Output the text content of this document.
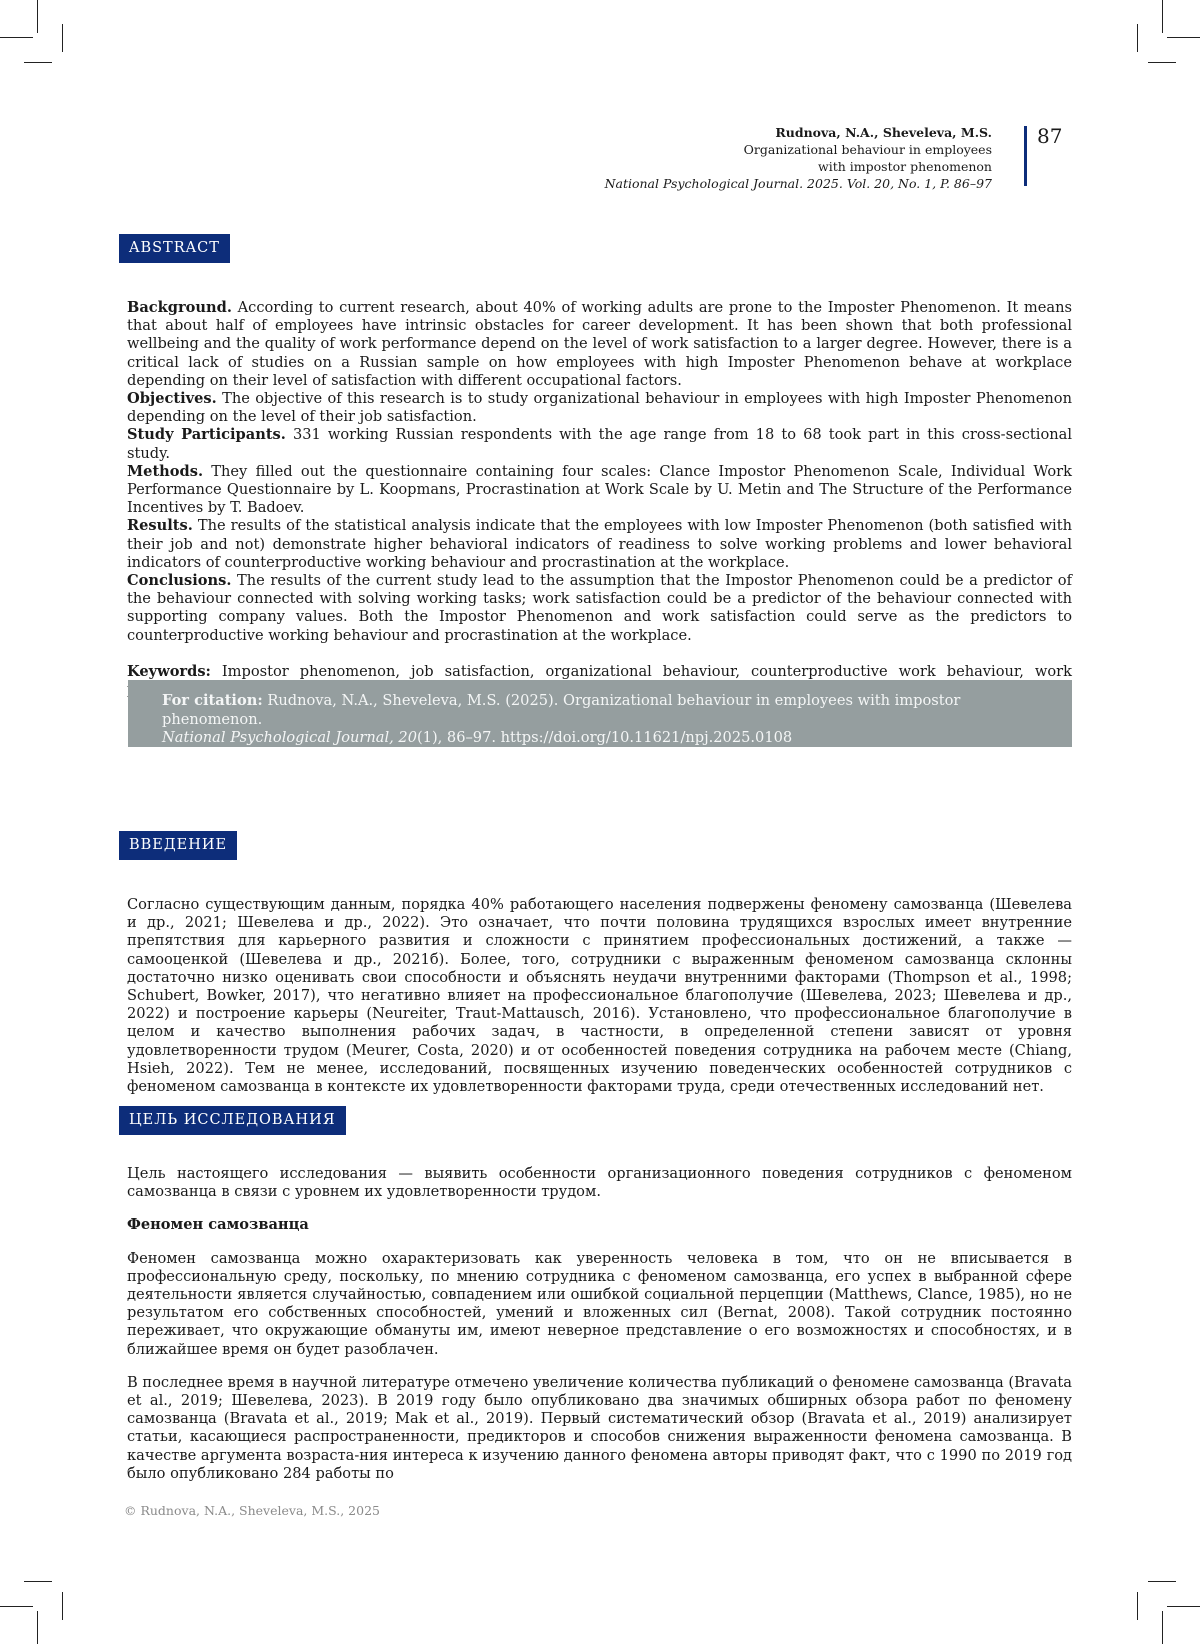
Rudnova, N.A., Sheveleva, M.S.
Organizational behaviour in employees
with impostor phenomenon
National Psychological Journal. 2025. Vol. 20, No. 1, P. 86–97
87
ABSTRACT

Background. According to current research, about 40% of working adults are prone to the Imposter Phenomenon. It means that about half of employees have intrinsic obstacles for career development. It has been shown that both professional wellbeing and the quality of work performance depend on the level of work satisfaction to a larger degree. However, there is a critical lack of studies on a Russian sample on how employees with high Imposter Phenomenon behave at workplace depending on their level of satisfaction with different occupational factors.

Objectives. The objective of this research is to study organizational behaviour in employees with high Imposter Phenomenon depending on the level of their job satisfaction.

Study Participants. 331 working Russian respondents with the age range from 18 to 68 took part in this cross-sectional study.

Methods. They filled out the questionnaire containing four scales: Clance Impostor Phenomenon Scale, Individual Work Performance Questionnaire by L. Koopmans, Procrastination at Work Scale by U. Metin and The Structure of the Performance Incentives by T. Badoev.

Results. The results of the statistical analysis indicate that the employees with low Imposter Phenomenon (both satisfied with their job and not) demonstrate higher behavioral indicators of readiness to solve working problems and lower behavioral indicators of counterproductive working behaviour and procrastination at the workplace.

Conclusions. The results of the current study lead to the assumption that the Impostor Phenomenon could be a predictor of the behaviour connected with solving working tasks; work satisfaction could be a predictor of the behaviour connected with supporting company values. Both the Impostor Phenomenon and work satisfaction could serve as the predictors to counterproductive working behaviour and procrastination at the workplace.

Keywords: Impostor phenomenon, job satisfaction, organizational behaviour, counterproductive work behaviour, work

For citation: Rudnova, N.A., Sheveleva, M.S. (2025). Organizational behaviour in employees with impostor phenomenon.
National Psychological Journal, 20(1), 86–97. https://doi.org/10.11621/npj.2025.0108
ВВЕДЕНИЕ

Согласно существующим данным, порядка 40% работающего населения подвержены феномену самозванца (Шевелева и др., 2021; Шевелева и др., 2022). Это означает, что почти половина трудящихся взрослых имеет внутренние препятствия для карьерного развития и сложности с принятием профессиональных достижений, а также — самооценкой (Шевелева и др., 2021б). Более, того, сотрудники с выраженным феноменом самозванца склонны достаточно низко оценивать свои способности и объяснять неудачи внутренними факторами (Thompson et al., 1998; Schubert, Bowker, 2017), что негативно влияет на профессиональное благополучие (Шевелева, 2023; Шевелева и др., 2022) и построение карьеры (Neureiter, Traut-Mattausch, 2016). Установлено, что профессиональное благополучие в целом и качество выполнения рабочих задач, в частности, в определенной степени зависят от уровня удовлетворенности трудом (Meurer, Costa, 2020) и от особенностей поведения сотрудника на рабочем месте (Chiang, Hsieh, 2022). Тем не менее, исследований, посвященных изучению поведенческих особенностей сотрудников с феноменом самозванца в контексте их удовлетворенности факторами труда, среди отечественных исследований нет.

ЦЕЛЬ ИССЛЕДОВАНИЯ

Цель настоящего исследования — выявить особенности организационного поведения сотрудников с феноменом самозванца в связи с уровнем их удовлетворенности трудом.

Феномен самозванца

Феномен самозванца можно охарактеризовать как уверенность человека в том, что он не вписывается в профессиональную среду, поскольку, по мнению сотрудника с феноменом самозванца, его успех в выбранной сфере деятельности является случайностью, совпадением или ошибкой социальной перцепции (Matthews, Clance, 1985), но не результатом его собственных способностей, умений и вложенных сил (Bernat, 2008). Такой сотрудник постоянно переживает, что окружающие обмануты им, имеют неверное представление о его возможностях и способностях, и в ближайшее время он будет разоблачен.

В последнее время в научной литературе отмечено увеличение количества публикаций о феномене самозванца (Bravata et al., 2019; Шевелева, 2023). В 2019 году было опубликовано два значимых обширных обзора работ по феномену самозванца (Bravata et al., 2019; Mak et al., 2019). Первый систематический обзор (Bravata et al., 2019) анализирует статьи, касающиеся распространенности, предикторов и способов снижения выраженности феномена самозванца. В качестве аргумента возраста-ния интереса к изучению данного феномена авторы приводят факт, что с 1990 по 2019 год было опубликовано 284 работы по

© Rudnova, N.A., Sheveleva, M.S., 2025
